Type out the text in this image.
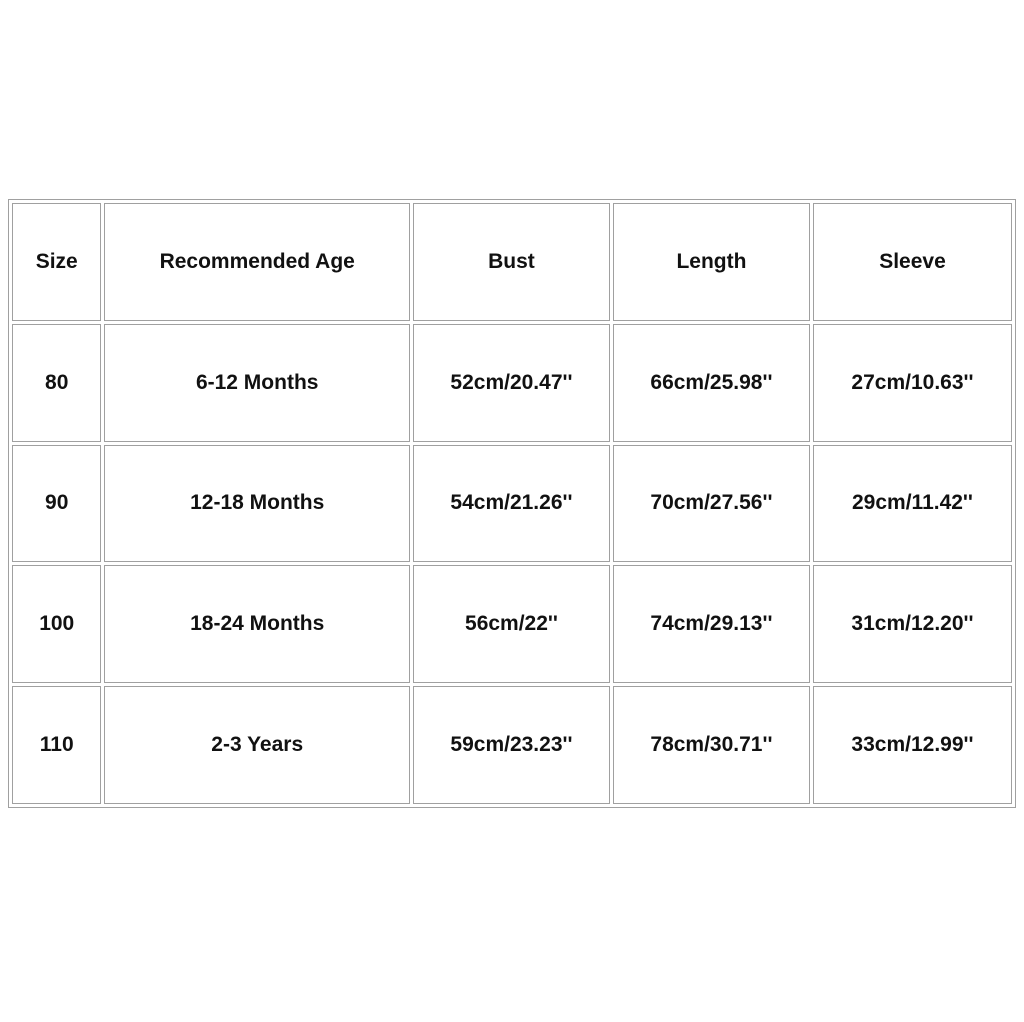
Size	Recommended Age	Bust	Length	Sleeve
80	6-12 Months	52cm/20.47''	66cm/25.98''	27cm/10.63''
90	12-18 Months	54cm/21.26''	70cm/27.56''	29cm/11.42''
100	18-24 Months	56cm/22''	74cm/29.13''	31cm/12.20''
110	2-3 Years	59cm/23.23''	78cm/30.71''	33cm/12.99''
